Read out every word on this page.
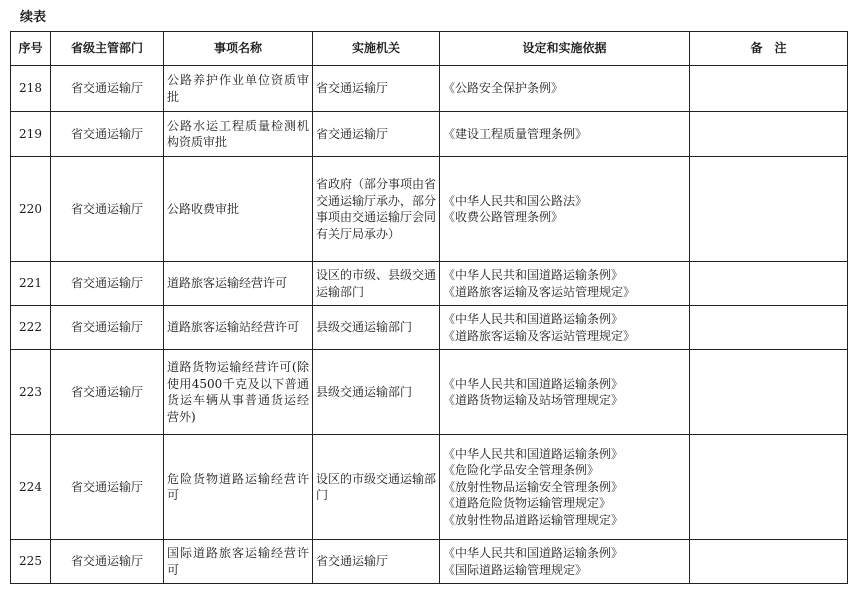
续表
序号	省级主管部门	事项名称	实施机关	设定和实施依据	备　注
218	省交通运输厅	公路养护作业单位资质审批	省交通运输厅	《公路安全保护条例》	

219	省交通运输厅	公路水运工程质量检测机构资质审批	省交通运输厅	《建设工程质量管理条例》	

220	省交通运输厅	公路收费审批	省政府（部分事项由省交通运输厅承办，部分事项由交通运输厅会同有关厅局承办）	《中华人民共和国公路法》
《收费公路管理条例》	

221	省交通运输厅	道路旅客运输经营许可	设区的市级、县级交通运输部门	《中华人民共和国道路运输条例》
《道路旅客运输及客运站管理规定》	

222	省交通运输厅	道路旅客运输站经营许可	县级交通运输部门	《中华人民共和国道路运输条例》
《道路旅客运输及客运站管理规定》	

223	省交通运输厅	道路货物运输经营许可(除使用4500千克及以下普通货运车辆从事普通货运经营外)	县级交通运输部门	《中华人民共和国道路运输条例》
《道路货物运输及站场管理规定》	

224	省交通运输厅	危险货物道路运输经营许可	设区的市级交通运输部门	《中华人民共和国道路运输条例》
《危险化学品安全管理条例》
《放射性物品运输安全管理条例》
《道路危险货物运输管理规定》
《放射性物品道路运输管理规定》	

225	省交通运输厅	国际道路旅客运输经营许可	省交通运输厅	《中华人民共和国道路运输条例》
《国际道路运输管理规定》	
